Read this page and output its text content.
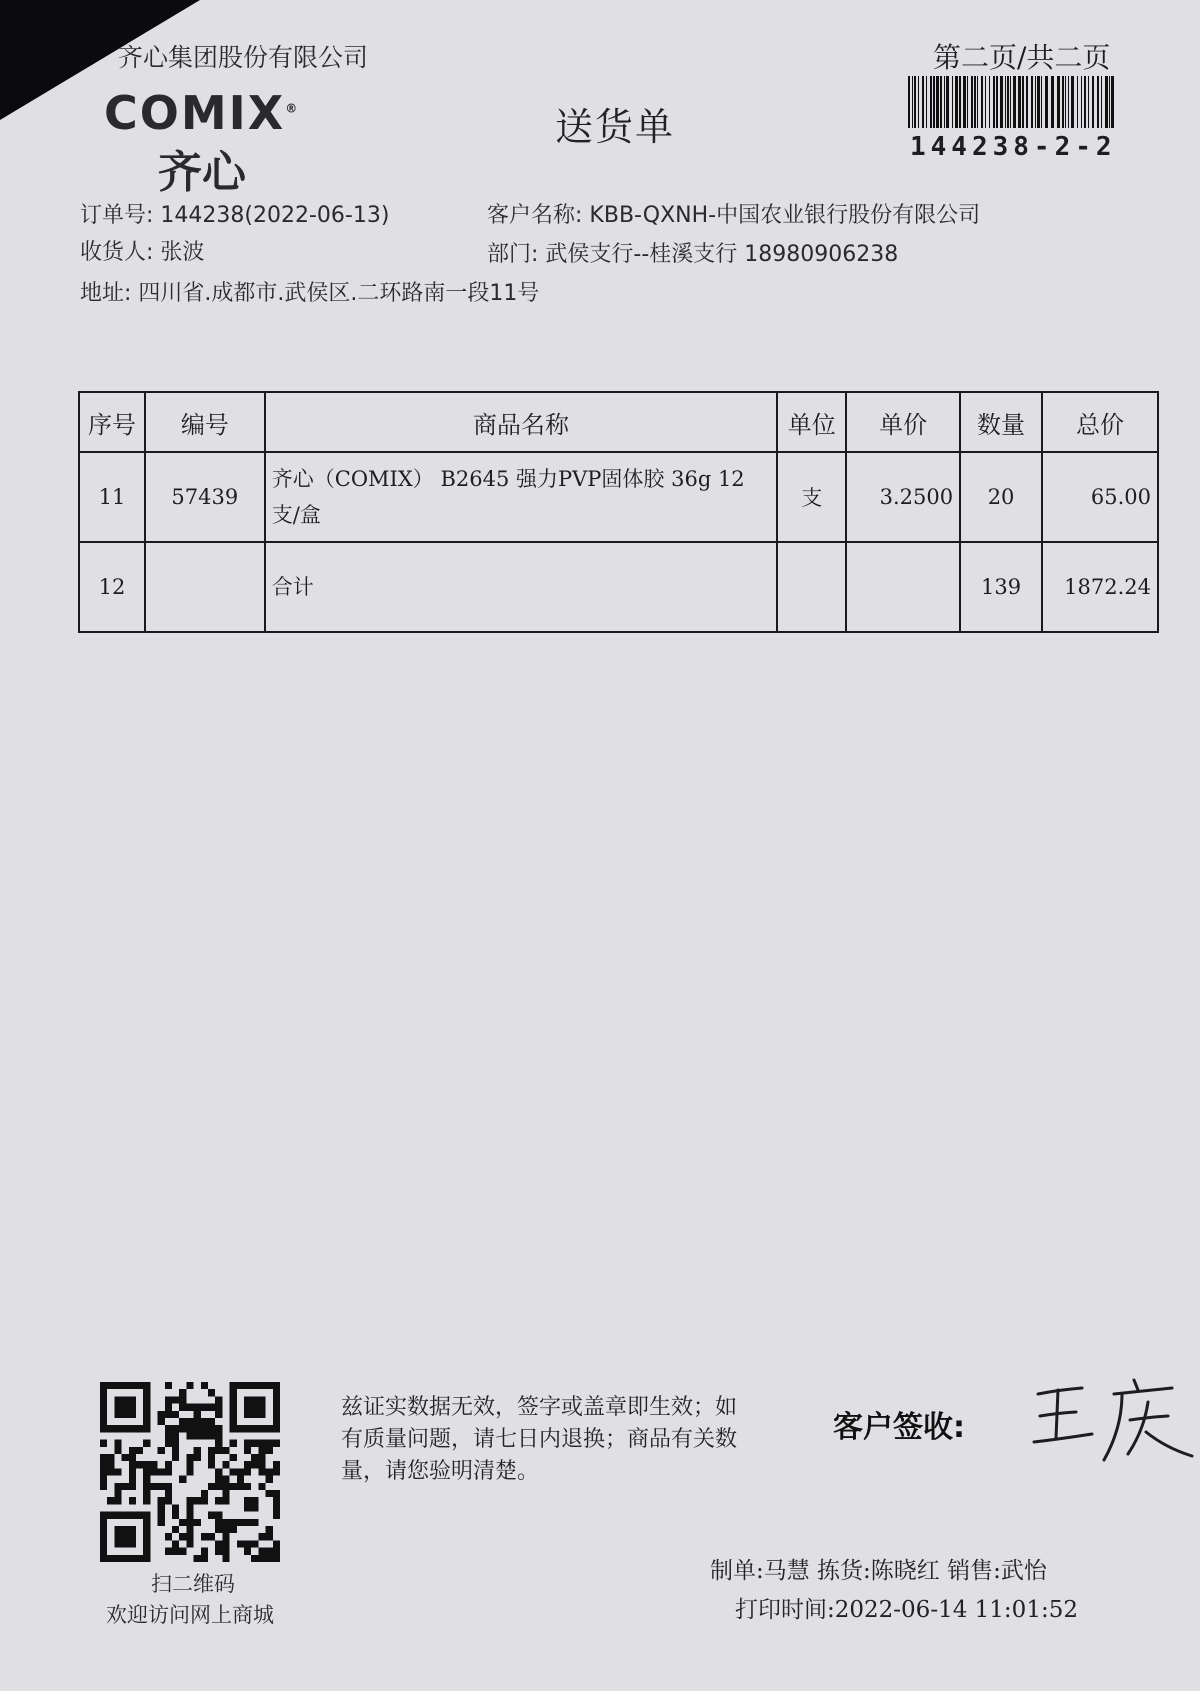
齐心集团股份有限公司
COMIX®
齐心
送货单
第二页/共二页
144238-2-2
订单号: 144238(2022-06-13)	客户名称: KBB-QXNH-中国农业银行股份有限公司
收货人: 张波	部门: 武侯支行--桂溪支行 18980906238
地址: 四川省.成都市.武侯区.二环路南一段11号
序号	编号	商品名称	单位	单价	数量	总价
11	57439	齐心（COMIX） B2645 强力PVP固体胶 36g 12支/盒	支	3.2500	20	65.00
12		合计			139	1872.24
扫二维码
欢迎访问网上商城
兹证实数据无效，签字或盖章即生效；如有质量问题，请七日内退换；商品有关数量，请您验明清楚。
客户签收:
制单:马慧 拣货:陈晓红 销售:武怡
打印时间:2022-06-14 11:01:52
